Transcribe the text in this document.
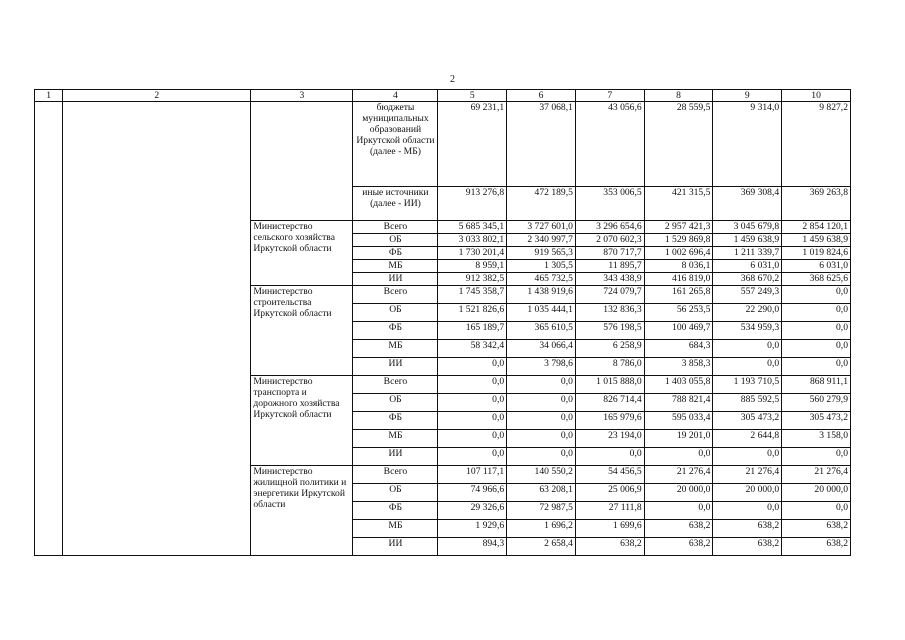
2
1	2	3	4	5	6	7	8	9	10
			бюджеты муниципальных образований Иркутской области (далее - МБ)	69 231,1	37 068,1	43 056,6	28 559,5	9 314,0	9 827,2
			иные источники (далее - ИИ)	913 276,8	472 189,5	353 006,5	421 315,5	369 308,4	369 263,8
		Министерство сельского хозяйства Иркутской области	Всего	5 685 345,1	3 727 601,0	3 296 654,6	2 957 421,3	3 045 679,8	2 854 120,1
			ОБ	3 033 802,1	2 340 997,7	2 070 602,3	1 529 869,8	1 459 638,9	1 459 638,9
			ФБ	1 730 201,4	919 565,3	870 717,7	1 002 696,4	1 211 339,7	1 019 824,6
			МБ	8 959,1	1 305,5	11 895,7	8 036,1	6 031,0	6 031,0
			ИИ	912 382,5	465 732,5	343 438,9	416 819,0	368 670,2	368 625,6
		Министерство строительства Иркутской области	Всего	1 745 358,7	1 438 919,6	724 079,7	161 265,8	557 249,3	0,0
			ОБ	1 521 826,6	1 035 444,1	132 836,3	56 253,5	22 290,0	0,0
			ФБ	165 189,7	365 610,5	576 198,5	100 469,7	534 959,3	0,0
			МБ	58 342,4	34 066,4	6 258,9	684,3	0,0	0,0
			ИИ	0,0	3 798,6	8 786,0	3 858,3	0,0	0,0
		Министерство транспорта и дорожного хозяйства Иркутской области	Всего	0,0	0,0	1 015 888,0	1 403 055,8	1 193 710,5	868 911,1
			ОБ	0,0	0,0	826 714,4	788 821,4	885 592,5	560 279,9
			ФБ	0,0	0,0	165 979,6	595 033,4	305 473,2	305 473,2
			МБ	0,0	0,0	23 194,0	19 201,0	2 644,8	3 158,0
			ИИ	0,0	0,0	0,0	0,0	0,0	0,0
		Министерство жилищной политики и энергетики Иркутской области	Всего	107 117,1	140 550,2	54 456,5	21 276,4	21 276,4	21 276,4
			ОБ	74 966,6	63 208,1	25 006,9	20 000,0	20 000,0	20 000,0
			ФБ	29 326,6	72 987,5	27 111,8	0,0	0,0	0,0
			МБ	1 929,6	1 696,2	1 699,6	638,2	638,2	638,2
			ИИ	894,3	2 658,4	638,2	638,2	638,2	638,2
